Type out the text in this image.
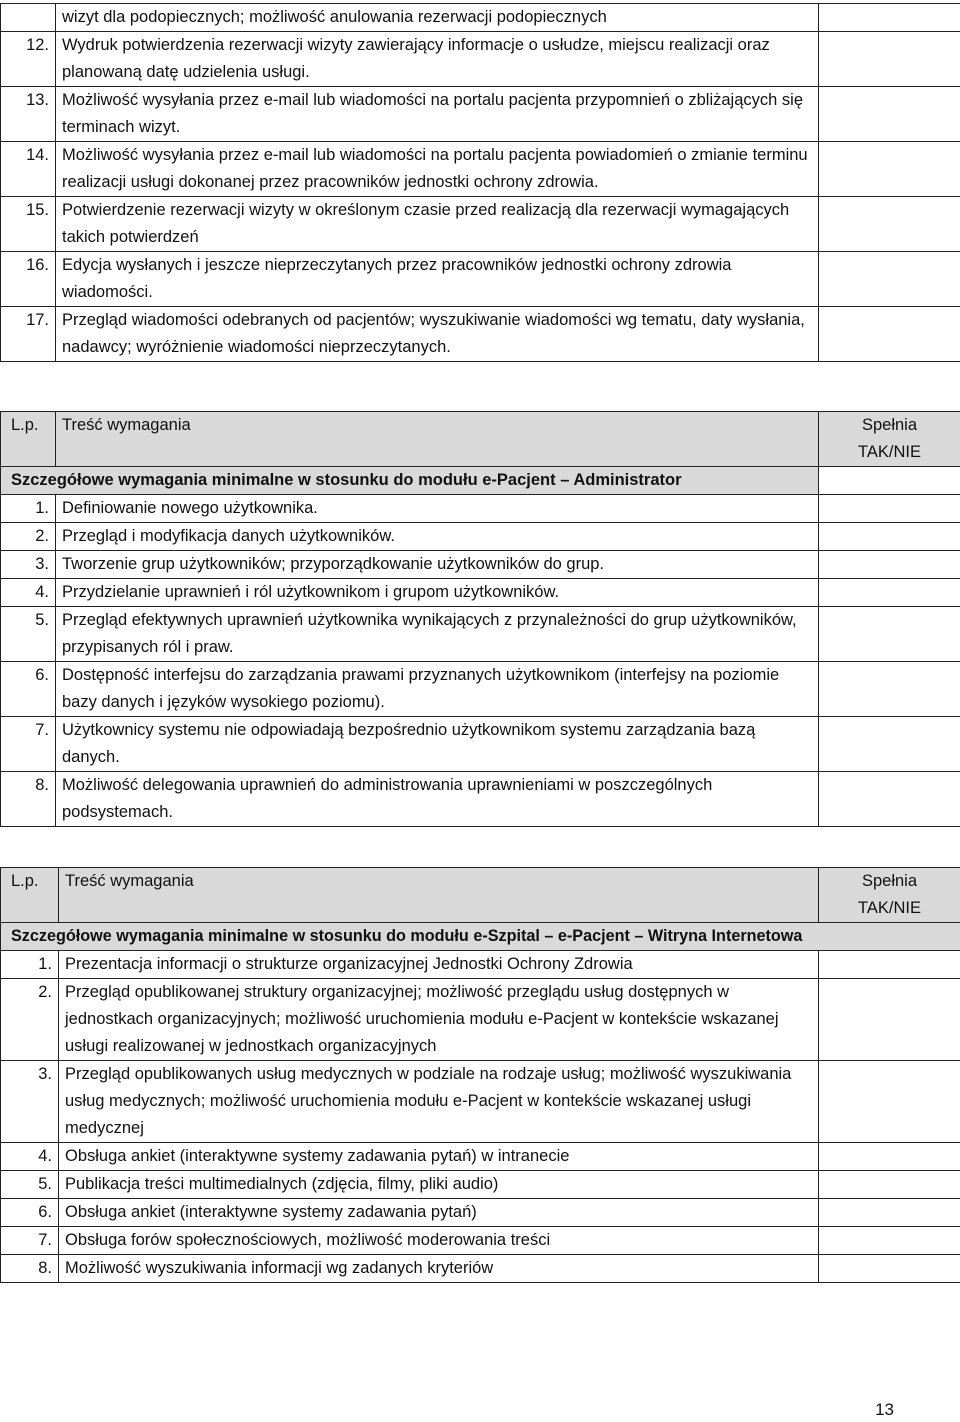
	wizyt dla podopiecznych; możliwość anulowania rezerwacji podopiecznych	
12.	Wydruk potwierdzenia rezerwacji wizyty zawierający informacje o usłudze, miejscu realizacji oraz planowaną datę udzielenia usługi.	
13.	Możliwość wysyłania przez e-mail lub wiadomości na portalu pacjenta przypomnień o zbliżających się terminach wizyt.	
14.	Możliwość wysyłania przez e-mail lub wiadomości na portalu pacjenta powiadomień o zmianie terminu realizacji usługi dokonanej przez pracowników jednostki ochrony zdrowia.	
15.	Potwierdzenie rezerwacji wizyty w określonym czasie przed realizacją dla rezerwacji wymagających takich potwierdzeń	
16.	Edycja wysłanych i jeszcze nieprzeczytanych przez pracowników jednostki ochrony zdrowia wiadomości.	
17.	Przegląd wiadomości odebranych od pacjentów; wyszukiwanie wiadomości wg tematu, daty wysłania, nadawcy; wyróżnienie wiadomości nieprzeczytanych.	
L.p.	Treść wymagania	Spełnia
TAK/NIE

Szczegółowe wymagania minimalne w stosunku do modułu e-Pacjent – Administrator		
1.	Definiowanie nowego użytkownika.	
2.	Przegląd i modyfikacja danych użytkowników.	
3.	Tworzenie grup użytkowników; przyporządkowanie użytkowników do grup.	
4.	Przydzielanie uprawnień i ról użytkownikom i grupom użytkowników.	
5.	Przegląd efektywnych uprawnień użytkownika wynikających z przynależności do grup użytkowników, przypisanych ról i praw.	
6.	Dostępność interfejsu do zarządzania prawami przyznanych użytkownikom (interfejsy na poziomie bazy danych i języków wysokiego poziomu).	
7.	Użytkownicy systemu nie odpowiadają bezpośrednio użytkownikom systemu zarządzania bazą danych.	
8.	Możliwość delegowania uprawnień do administrowania uprawnieniami w poszczególnych podsystemach.	
L.p.	Treść wymagania	Spełnia
TAK/NIE

Szczegółowe wymagania minimalne w stosunku do modułu e-Szpital – e-Pacjent – Witryna Internetowa		
1.	Prezentacja informacji o strukturze organizacyjnej Jednostki Ochrony Zdrowia	
2.	Przegląd opublikowanej struktury organizacyjnej; możliwość przeglądu usług dostępnych w jednostkach organizacyjnych; możliwość uruchomienia modułu e-Pacjent w kontekście wskazanej usługi realizowanej w jednostkach organizacyjnych	
3.	Przegląd opublikowanych usług medycznych w podziale na rodzaje usług; możliwość wyszukiwania usług medycznych; możliwość uruchomienia modułu e-Pacjent w kontekście wskazanej usługi medycznej	
4.	Obsługa ankiet (interaktywne systemy zadawania pytań) w intranecie	
5.	Publikacja treści multimedialnych (zdjęcia, filmy, pliki audio)	
6.	Obsługa ankiet (interaktywne systemy zadawania pytań)	
7.	Obsługa forów społecznościowych, możliwość moderowania treści	
8.	Możliwość wyszukiwania informacji wg zadanych kryteriów	
13
